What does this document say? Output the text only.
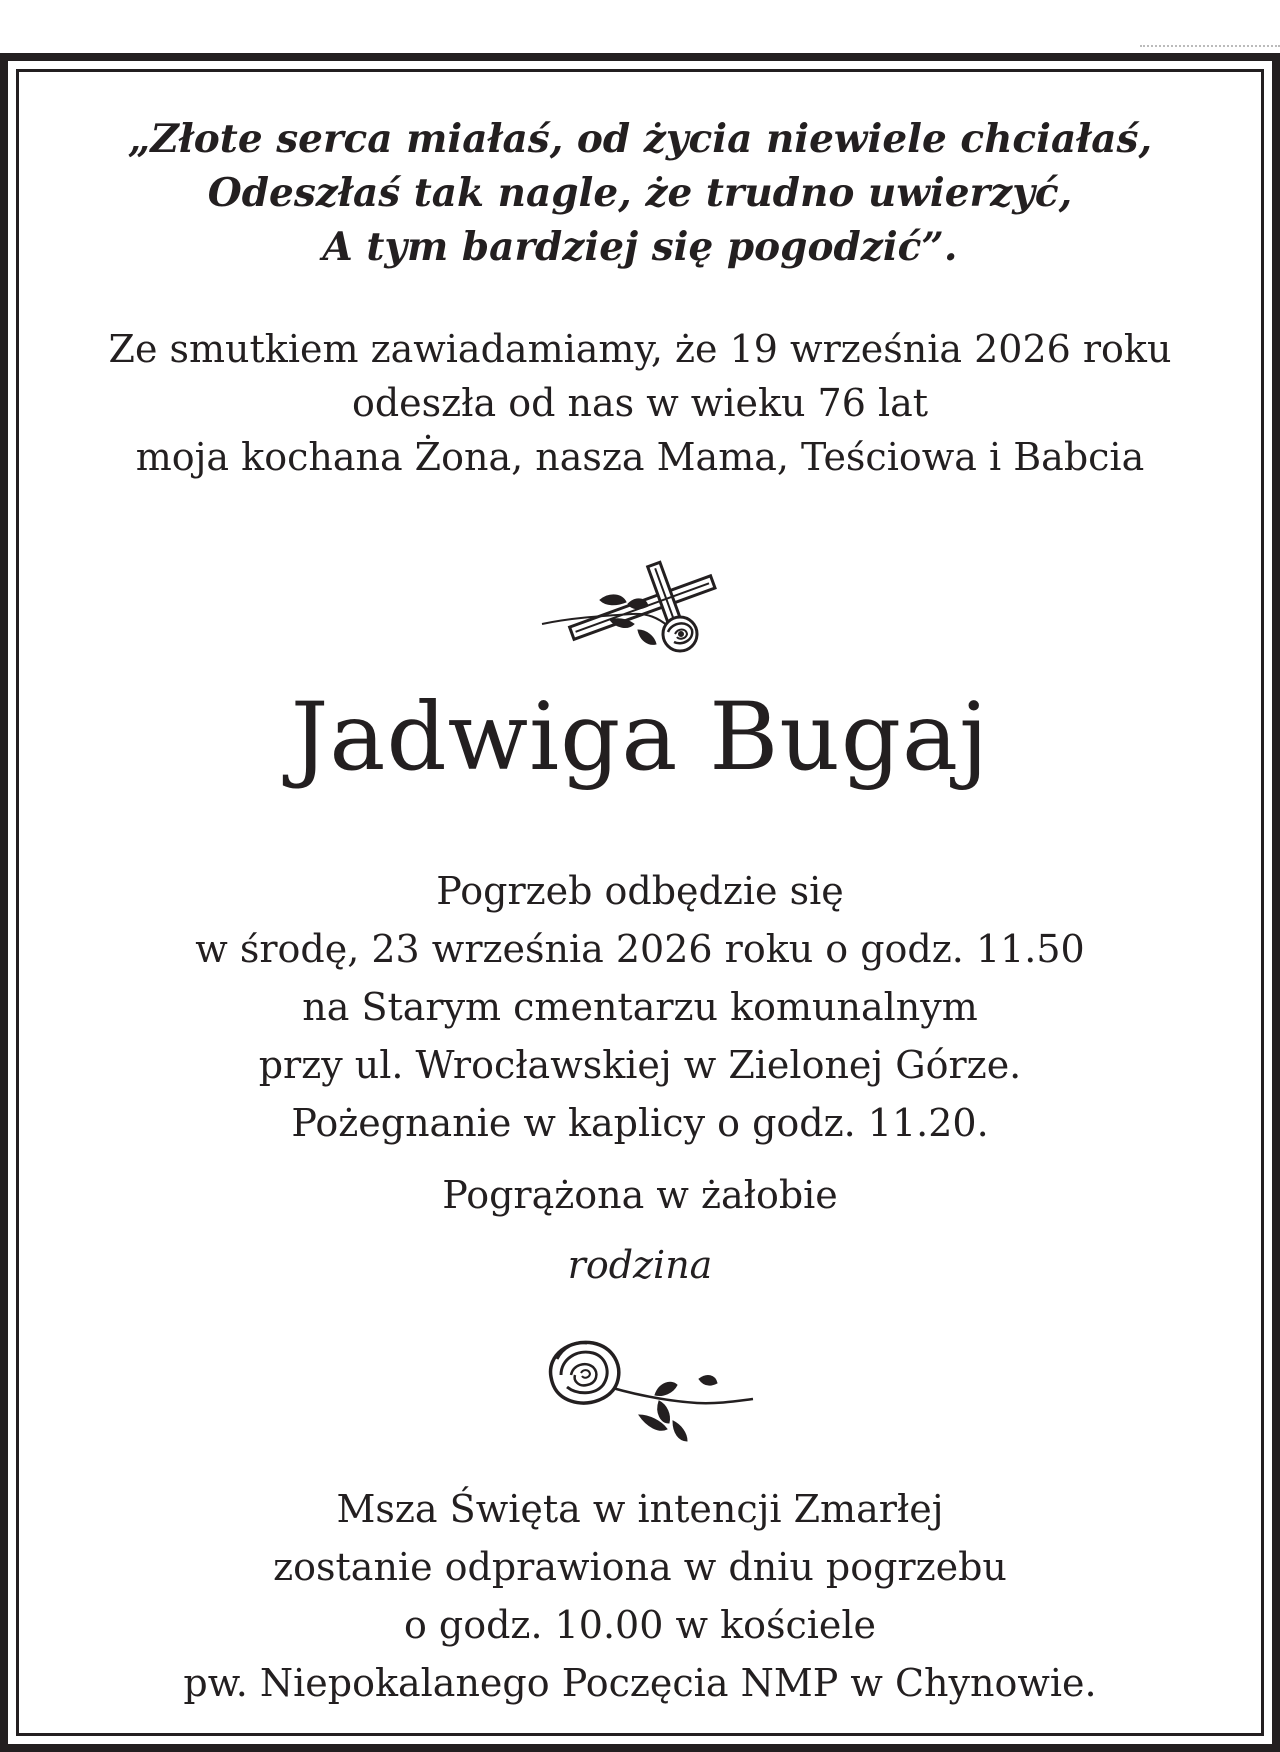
„Złote serca miałaś, od życia niewiele chciałaś,
Odeszłaś tak nagle, że trudno uwierzyć,
A tym bardziej się pogodzić”.
Ze smutkiem zawiadamiamy, że 19 września 2026 roku
odeszła od nas w wieku 76 lat
moja kochana Żona, nasza Mama, Teściowa i Babcia
Jadwiga Bugaj
Pogrzeb odbędzie się
w środę, 23 września 2026 roku o godz. 11.50
na Starym cmentarzu komunalnym
przy ul. Wrocławskiej w Zielonej Górze.
Pożegnanie w kaplicy o godz. 11.20.
Pogrążona w żałobie
rodzina
Msza Święta w intencji Zmarłej
zostanie odprawiona w dniu pogrzebu
o godz. 10.00 w kościele
pw. Niepokalanego Poczęcia NMP w Chynowie.
